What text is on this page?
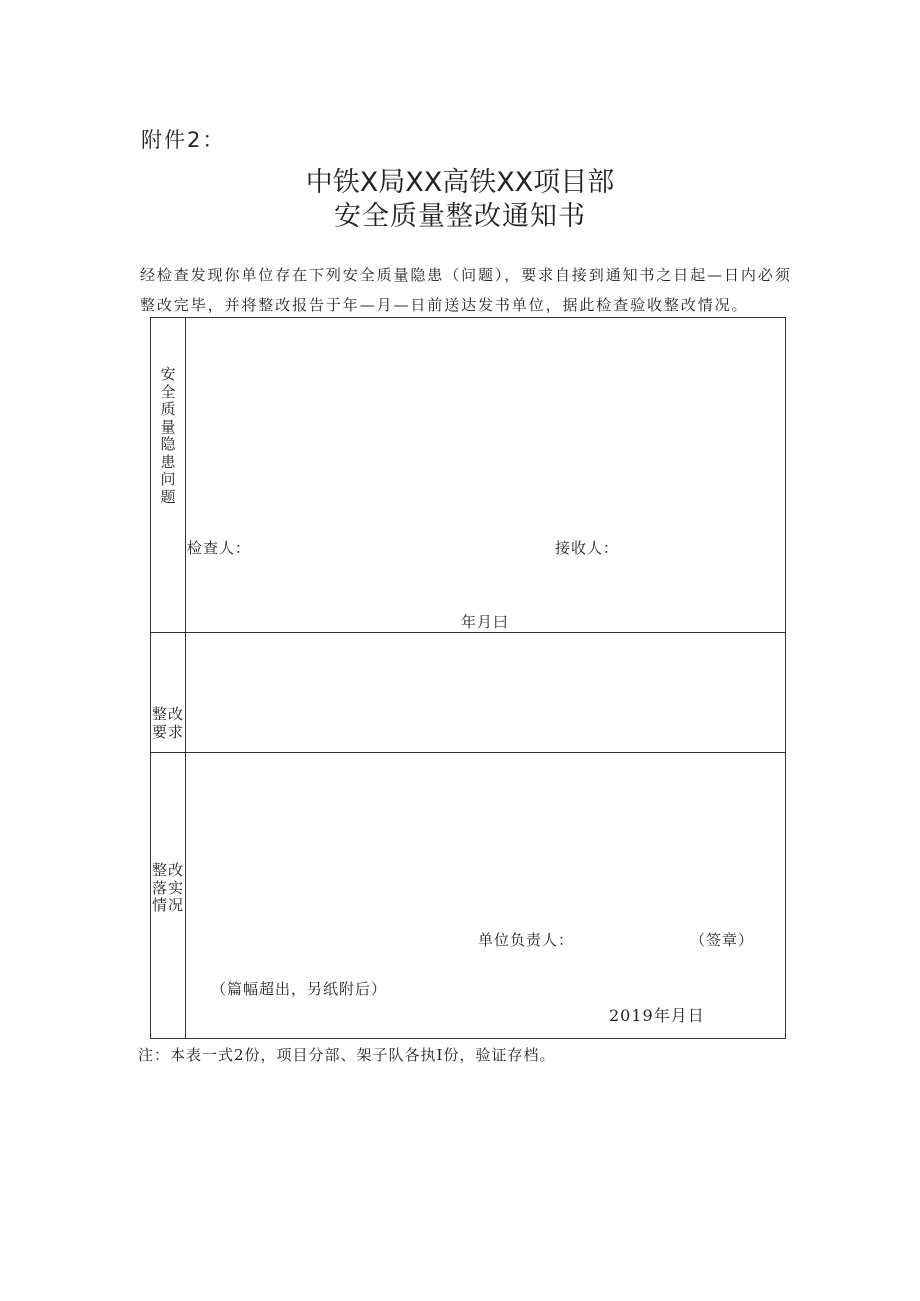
附件2：
中铁X局XX高铁XX项目部
安全质量整改通知书
经检查发现你单位存在下列安全质量隐患（问题），要求自接到通知书之日起—日内必须
整改完毕，并将整改报告于年—月—日前送达发书单位，据此检查验收整改情况。
安全质量隐患问题
整改要求
整改落实情况
检查人：	接收人：
年月曰
单位负责人：	（签章）
（篇幅超出，另纸附后）
2019年月日
注：本表一式2份，项目分部、架子队各执I份，验证存档。
